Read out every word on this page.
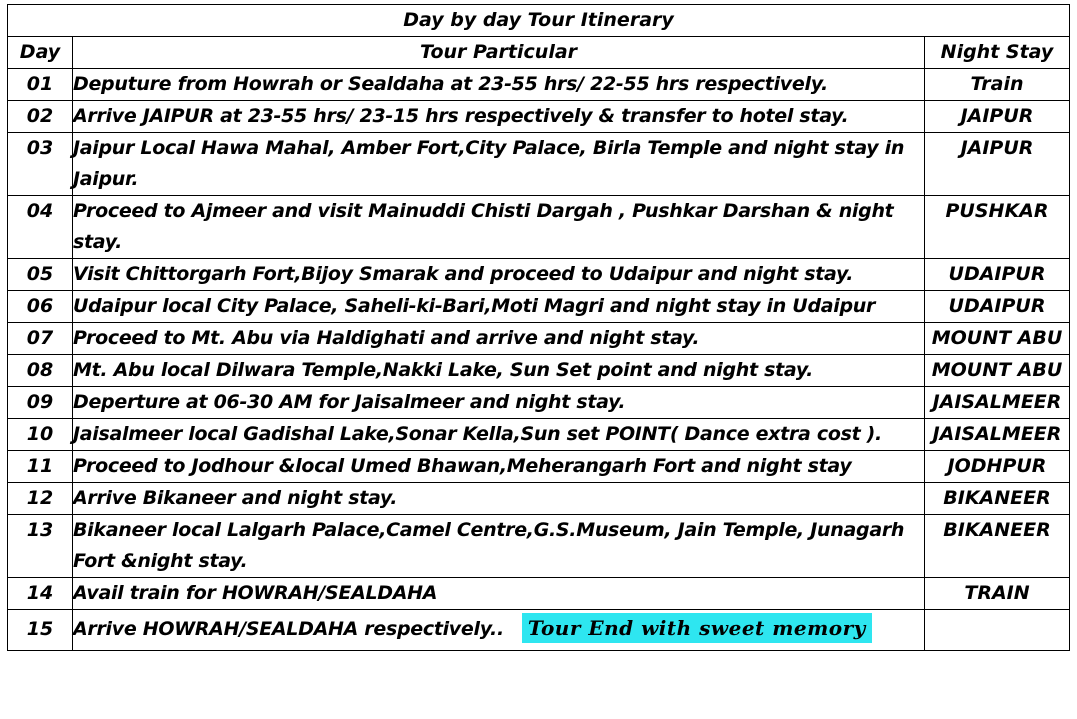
Day by day Tour Itinerary		
Day	Tour Particular	Night Stay
01	Deputure from Howrah or Sealdaha at 23-55 hrs/ 22-55 hrs respectively.	Train
02	Arrive JAIPUR at 23-55 hrs/ 23-15 hrs respectively & transfer to hotel stay.	JAIPUR
03	Jaipur Local Hawa Mahal, Amber Fort,City Palace, Birla Temple and night stay in Jaipur.	JAIPUR
04	Proceed to Ajmeer and visit Mainuddi Chisti Dargah , Pushkar Darshan & night stay.	PUSHKAR
05	Visit Chittorgarh Fort,Bijoy Smarak and proceed to Udaipur and night stay.	UDAIPUR
06	Udaipur local City Palace, Saheli-ki-Bari,Moti Magri and night stay in Udaipur	UDAIPUR
07	Proceed to Mt. Abu via Haldighati and arrive and night stay.	MOUNT ABU
08	Mt. Abu local Dilwara Temple,Nakki Lake, Sun Set point and night stay.	MOUNT ABU
09	Deperture at 06-30 AM for Jaisalmeer and night stay.	JAISALMEER
10	Jaisalmeer local Gadishal Lake,Sonar Kella,Sun set POINT( Dance extra cost ).	JAISALMEER
11	Proceed to Jodhour &local Umed Bhawan,Meherangarh Fort and night stay	JODHPUR
12	Arrive Bikaneer and night stay.	BIKANEER
13	Bikaneer local Lalgarh Palace,Camel Centre,G.S.Museum, Jain Temple, Junagarh Fort &night stay.	BIKANEER
14	Avail train for HOWRAH/SEALDAHA	TRAIN
15	Arrive HOWRAH/SEALDAHA respectively.. Tour End with sweet memory	
